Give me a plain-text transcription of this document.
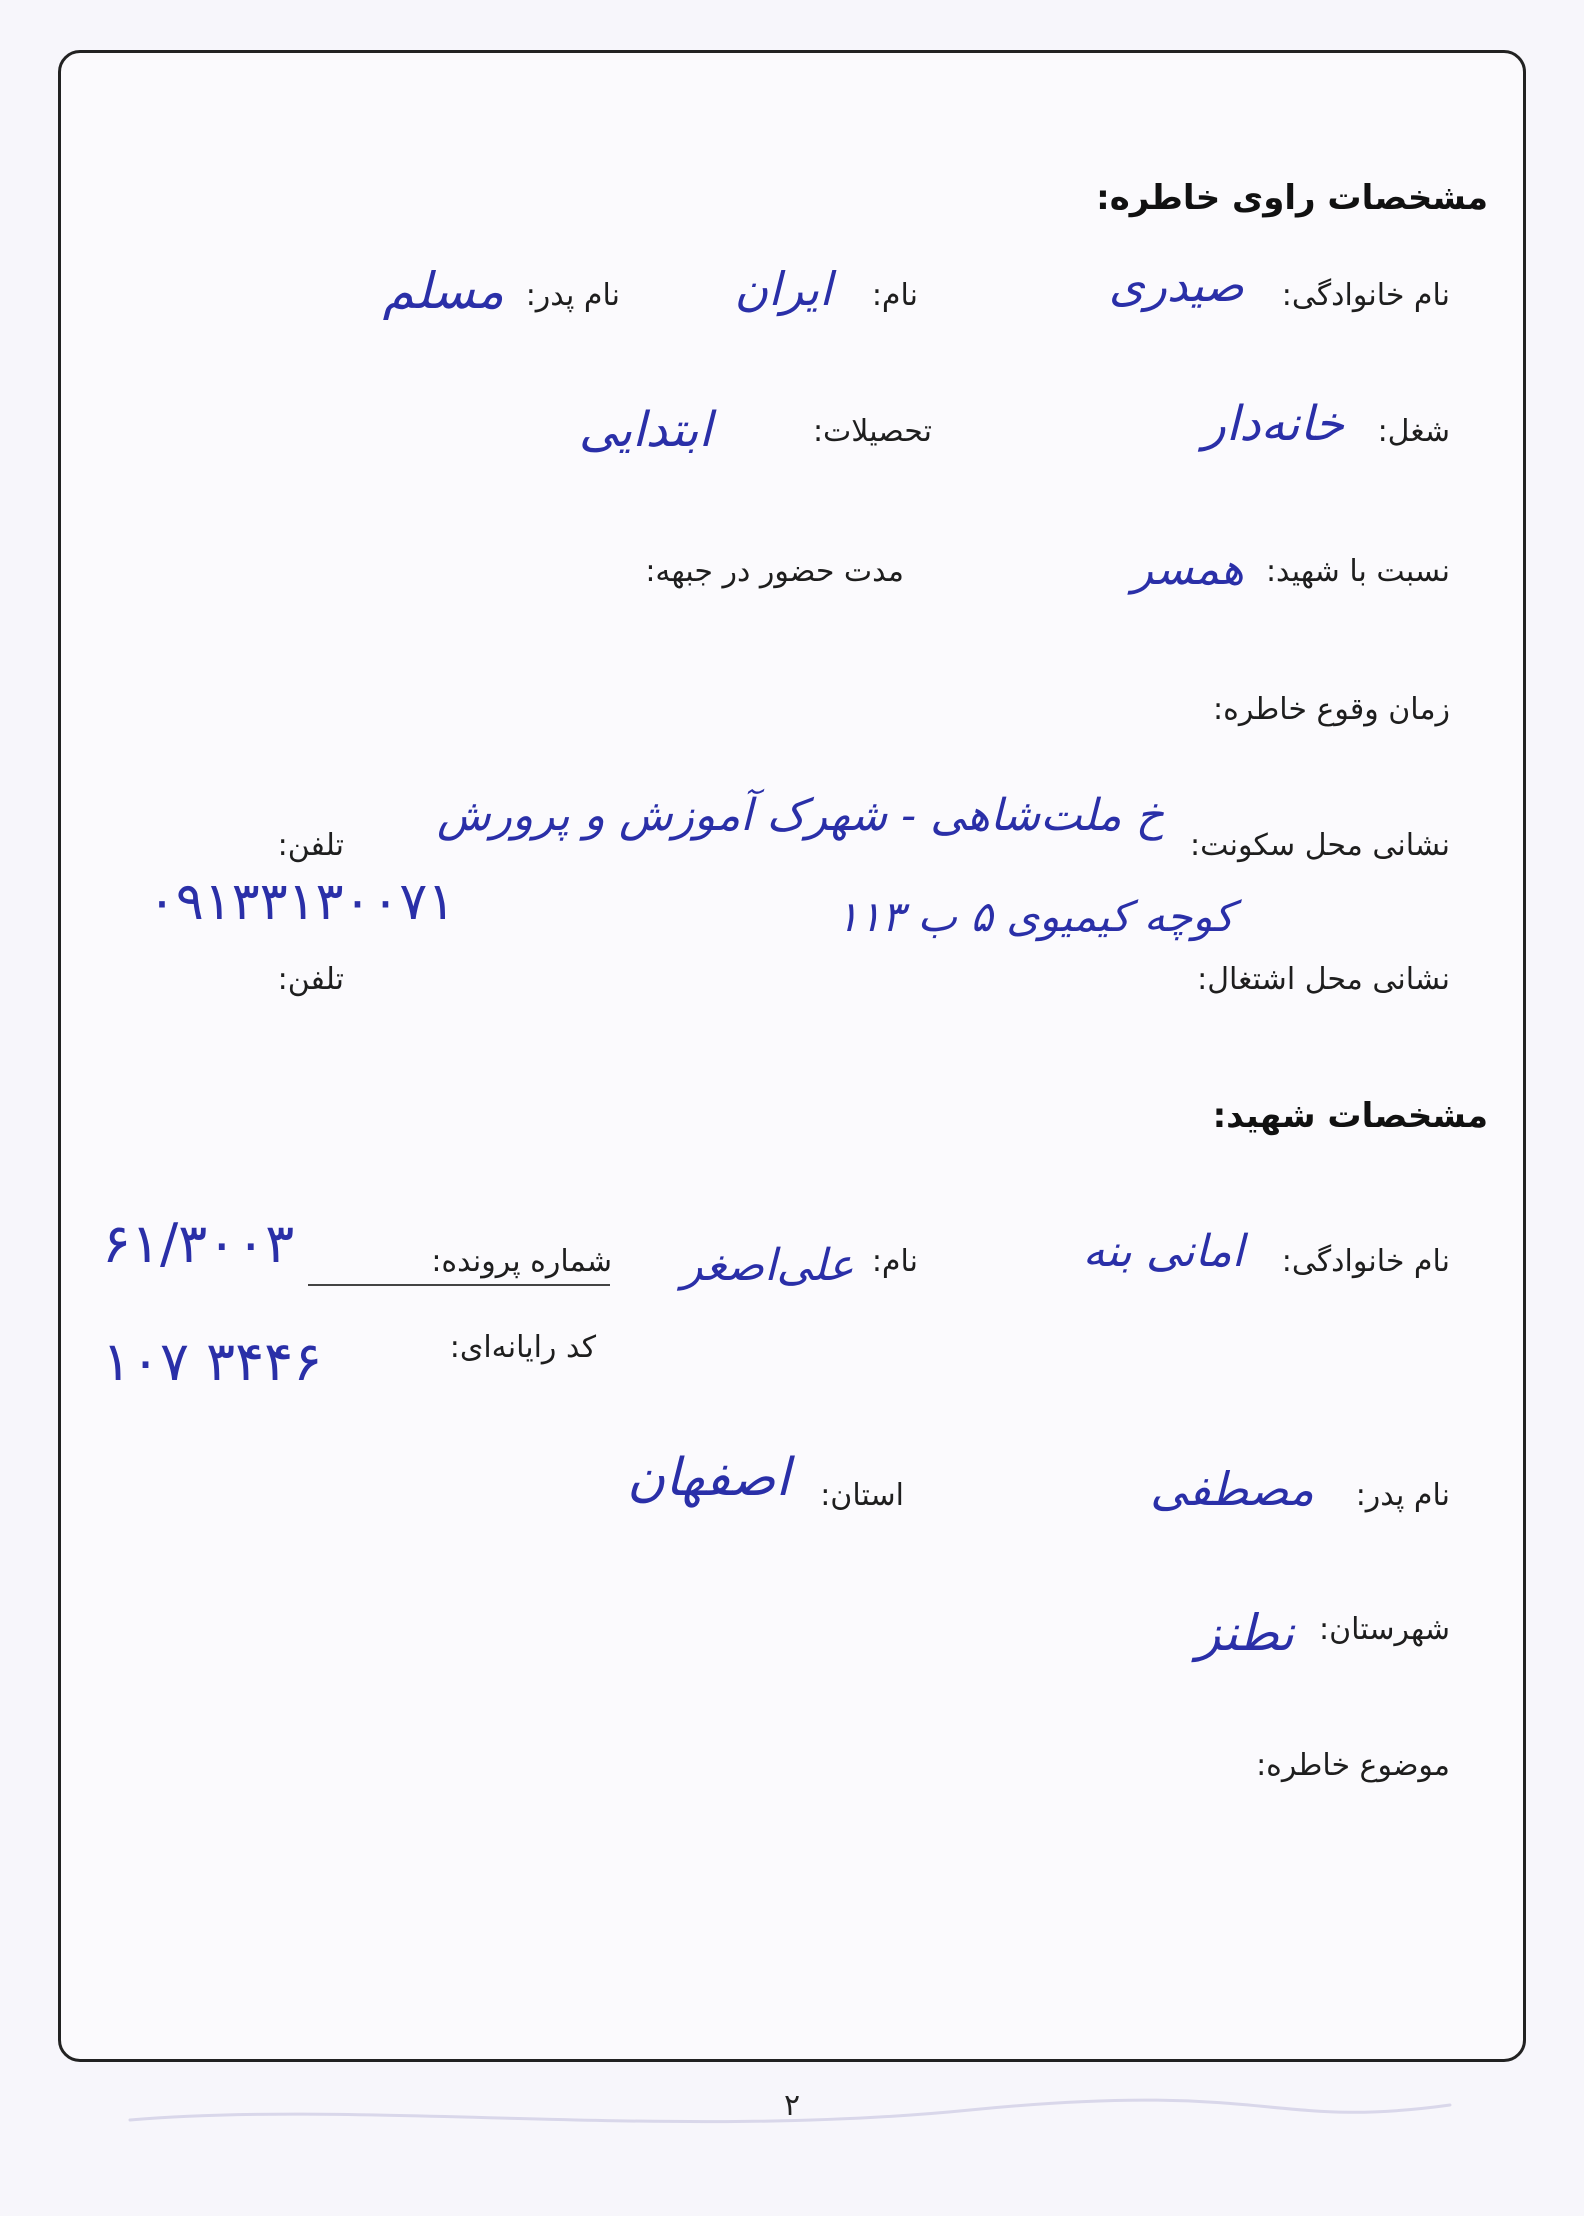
مشخصات راوی خاطره:
نام خانوادگی:
صیدری
نام:
ایران
نام پدر:
مسلم
شغل:
خانه‌دار
تحصیلات:
ابتدایی
نسبت با شهید:
همسر
مدت حضور در جبهه:
زمان وقوع خاطره:
نشانی محل سکونت:
خ ملت‌شاهی - شهرک آموزش و پرورش
تلفن:
۰۹۱۳۳۱۳۰۰۷۱	کوچه کیمیوی ۵ ب ۱۱۳
نشانی محل اشتغال:
تلفن:
مشخصات شهید:
نام خانوادگی:
امانی بنه
نام:
علی‌اصغر
شماره پرونده:
۶۱/۳۰۰۳
کد رایانه‌ای:
۱۰۷ ۳۴۴۶
نام پدر:
مصطفی
استان:
اصفهان
شهرستان:
نطنز
موضوع خاطره:
۲
